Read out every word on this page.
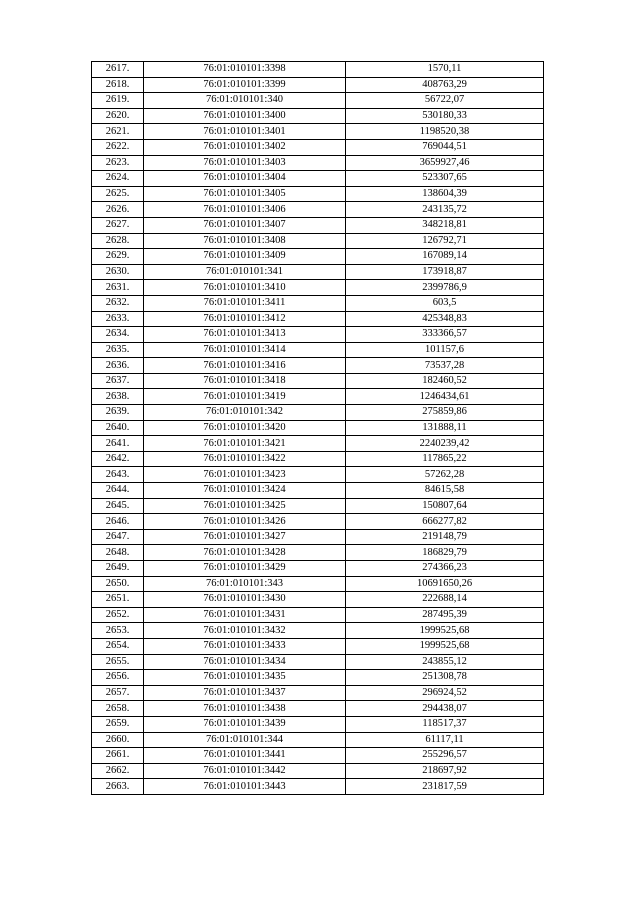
2617.	76:01:010101:3398	1570,11
2618.	76:01:010101:3399	408763,29
2619.	76:01:010101:340	56722,07
2620.	76:01:010101:3400	530180,33
2621.	76:01:010101:3401	1198520,38
2622.	76:01:010101:3402	769044,51
2623.	76:01:010101:3403	3659927,46
2624.	76:01:010101:3404	523307,65
2625.	76:01:010101:3405	138604,39
2626.	76:01:010101:3406	243135,72
2627.	76:01:010101:3407	348218,81
2628.	76:01:010101:3408	126792,71
2629.	76:01:010101:3409	167089,14
2630.	76:01:010101:341	173918,87
2631.	76:01:010101:3410	2399786,9
2632.	76:01:010101:3411	603,5
2633.	76:01:010101:3412	425348,83
2634.	76:01:010101:3413	333366,57
2635.	76:01:010101:3414	101157,6
2636.	76:01:010101:3416	73537,28
2637.	76:01:010101:3418	182460,52
2638.	76:01:010101:3419	1246434,61
2639.	76:01:010101:342	275859,86
2640.	76:01:010101:3420	131888,11
2641.	76:01:010101:3421	2240239,42
2642.	76:01:010101:3422	117865,22
2643.	76:01:010101:3423	57262,28
2644.	76:01:010101:3424	84615,58
2645.	76:01:010101:3425	150807,64
2646.	76:01:010101:3426	666277,82
2647.	76:01:010101:3427	219148,79
2648.	76:01:010101:3428	186829,79
2649.	76:01:010101:3429	274366,23
2650.	76:01:010101:343	10691650,26
2651.	76:01:010101:3430	222688,14
2652.	76:01:010101:3431	287495,39
2653.	76:01:010101:3432	1999525,68
2654.	76:01:010101:3433	1999525,68
2655.	76:01:010101:3434	243855,12
2656.	76:01:010101:3435	251308,78
2657.	76:01:010101:3437	296924,52
2658.	76:01:010101:3438	294438,07
2659.	76:01:010101:3439	118517,37
2660.	76:01:010101:344	61117,11
2661.	76:01:010101:3441	255296,57
2662.	76:01:010101:3442	218697,92
2663.	76:01:010101:3443	231817,59
